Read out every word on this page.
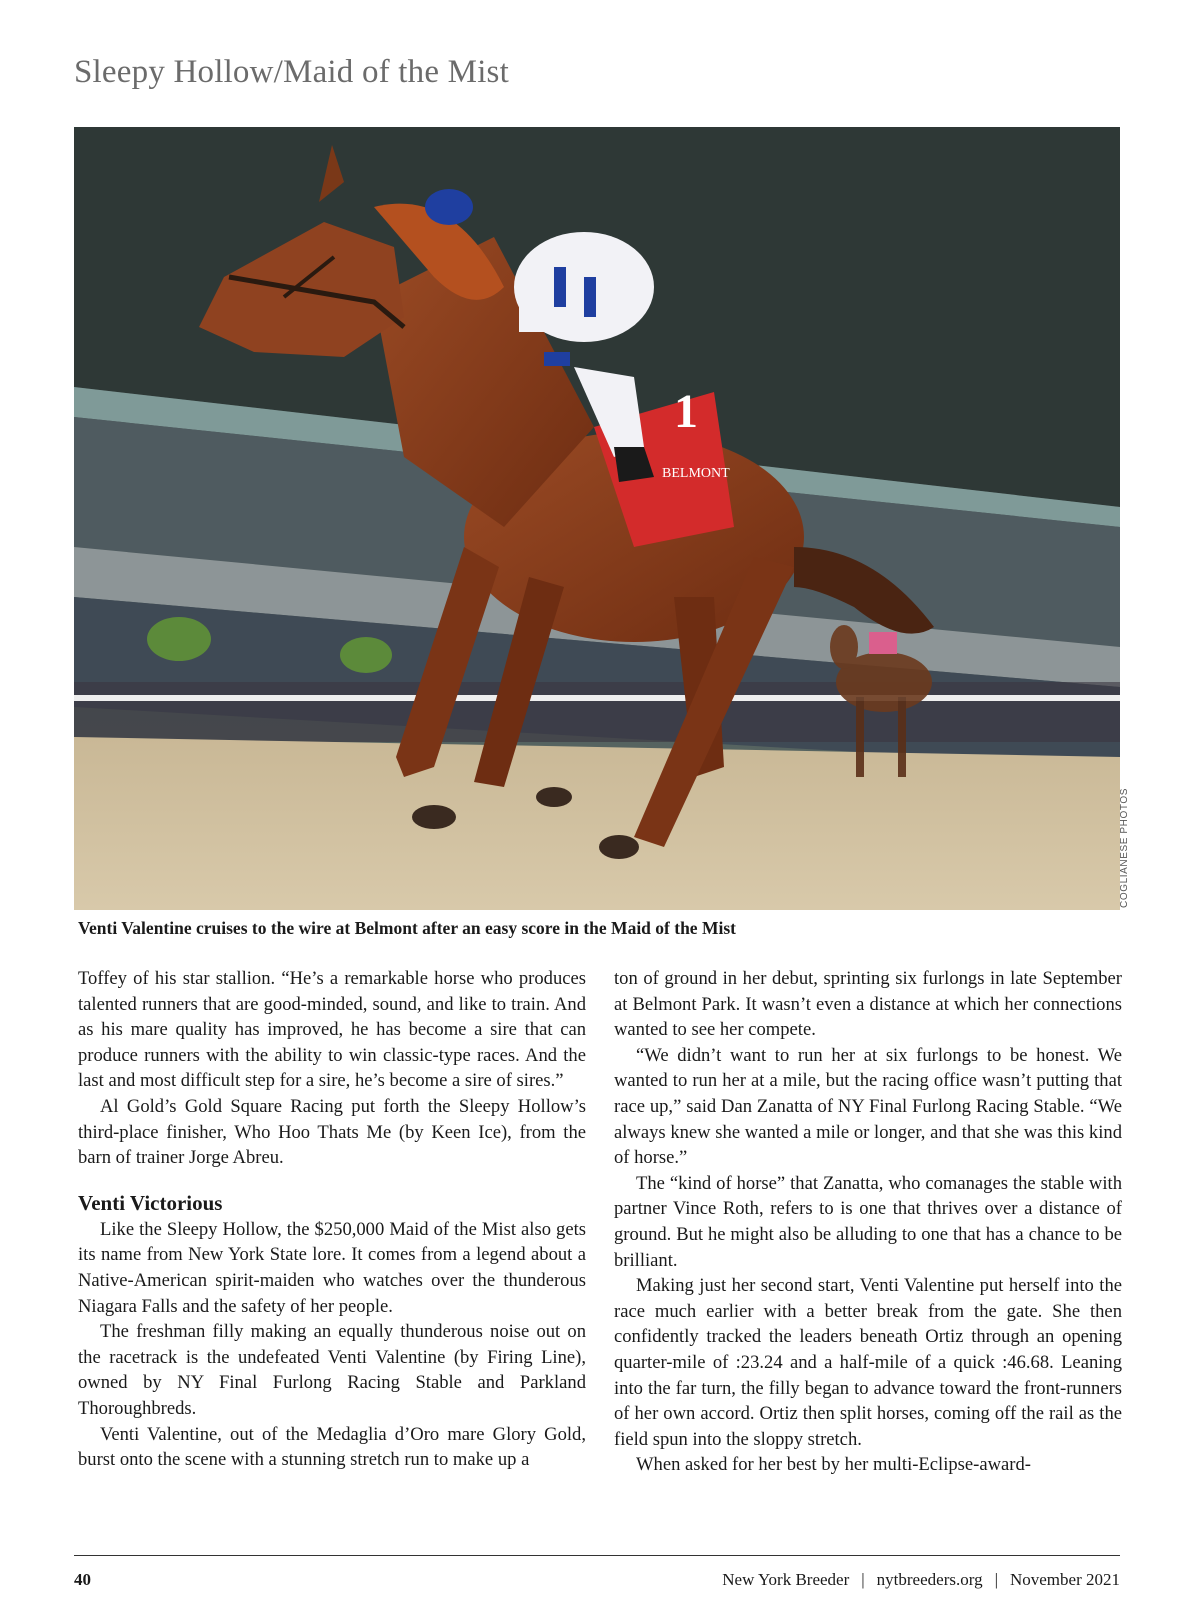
Sleepy Hollow/Maid of the Mist
1
BELMONT
COGLIANESE PHOTOS

Venti Valentine cruises to the wire at Belmont after an easy score in the Maid of the Mist

Toffey of his star stallion. “He’s a remarkable horse who produces talented runners that are good-minded, sound, and like to train. And as his mare quality has improved, he has become a sire that can produce runners with the ability to win classic-type races. And the last and most difficult step for a sire, he’s become a sire of sires.”

Al Gold’s Gold Square Racing put forth the Sleepy Hollow’s third-place finisher, Who Hoo Thats Me (by Keen Ice), from the barn of trainer Jorge Abreu.

Venti Victorious

Like the Sleepy Hollow, the $250,000 Maid of the Mist also gets its name from New York State lore. It comes from a legend about a Native-American spirit-maiden who watches over the thunderous Niagara Falls and the safety of her people.

The freshman filly making an equally thunderous noise out on the racetrack is the undefeated Venti Valentine (by Firing Line), owned by NY Final Furlong Racing Stable and Parkland Thoroughbreds.

Venti Valentine, out of the Medaglia d’Oro mare Glory Gold, burst onto the scene with a stunning stretch run to make up a

ton of ground in her debut, sprinting six furlongs in late September at Belmont Park. It wasn’t even a distance at which her connections wanted to see her compete.

“We didn’t want to run her at six furlongs to be honest. We wanted to run her at a mile, but the racing office wasn’t putting that race up,” said Dan Zanatta of NY Final Furlong Racing Stable. “We always knew she wanted a mile or longer, and that she was this kind of horse.”

The “kind of horse” that Zanatta, who comanages the stable with partner Vince Roth, refers to is one that thrives over a distance of ground. But he might also be alluding to one that has a chance to be brilliant.

Making just her second start, Venti Valentine put herself into the race much earlier with a better break from the gate. She then confidently tracked the leaders beneath Ortiz through an opening quarter-mile of :23.24 and a half-mile of a quick :46.68. Leaning into the far turn, the filly began to advance toward the front-runners of her own accord. Ortiz then split horses, coming off the rail as the field spun into the sloppy stretch.

When asked for her best by her multi-Eclipse-award-

40	New York Breeder | nytbreeders.org | November 2021
